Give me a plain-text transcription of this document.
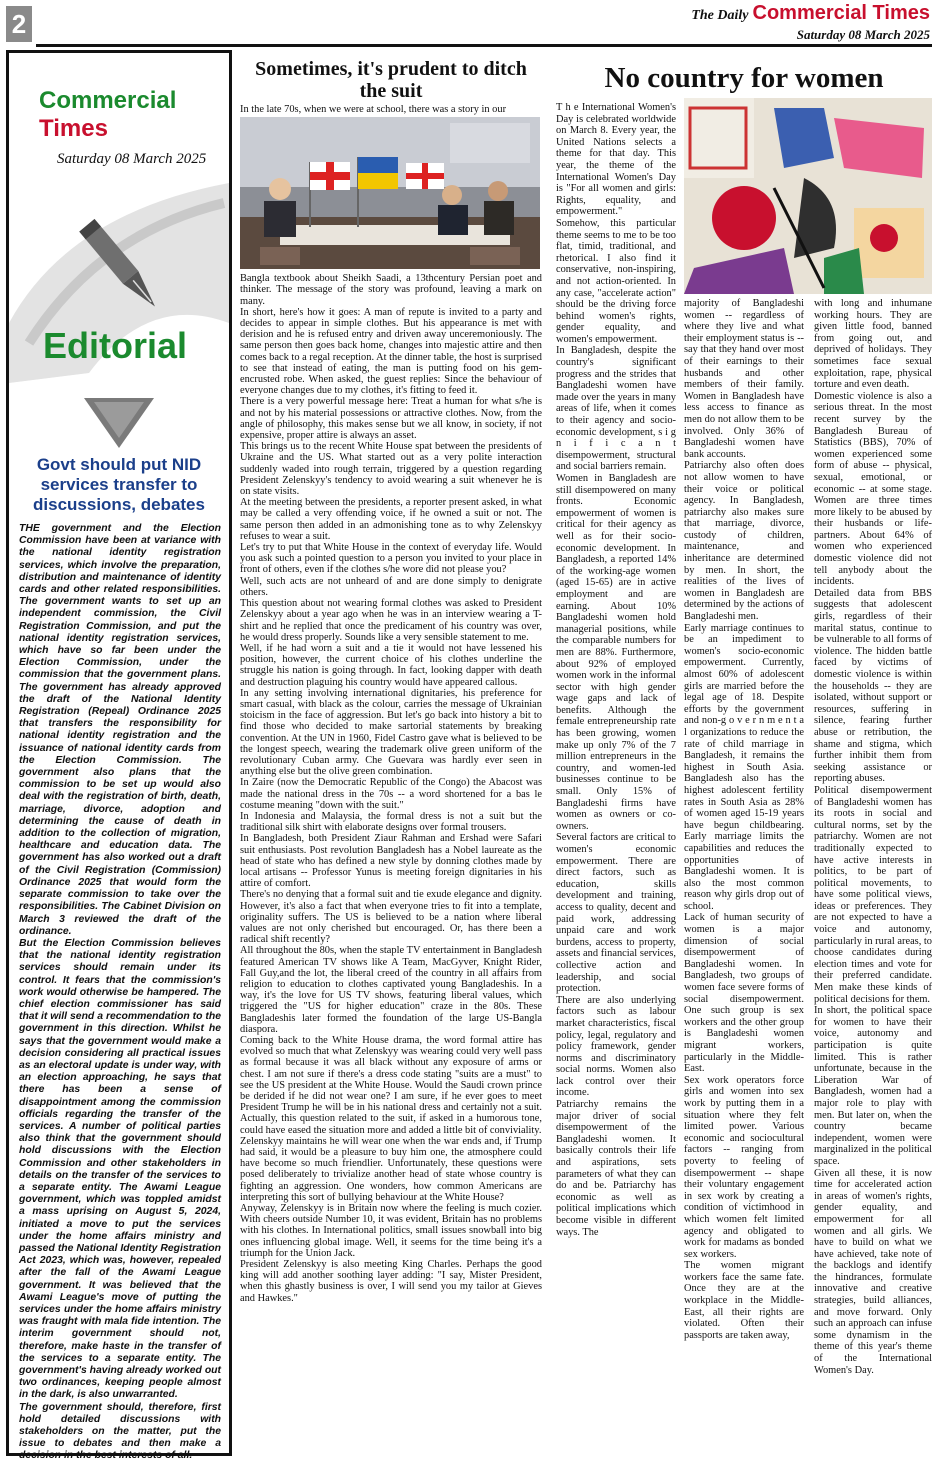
2	The Daily Commercial Times
Saturday 08 March 2025
Commercial Times
Saturday 08 March 2025
Editorial
Govt should put NID services transfer to discussions, debates

THE government and the Election Commission have been at variance with the national identity registration services, which involve the preparation, distribution and maintenance of identity cards and other related responsibilities. The government wants to set up an independent commission, the Civil Registration Commission, and put the national identity registration services, which have so far been under the Election Commission, under the commission that the government plans. The government has already approved the draft of the National Identity Registration (Repeal) Ordinance 2025 that transfers the responsibility for national identity registration and the issuance of national identity cards from the Election Commission. The government also plans that the commission to be set up would also deal with the registration of birth, death, marriage, divorce, adoption and determining the cause of death in addition to the collection of migration, healthcare and education data. The government has also worked out a draft of the Civil Registration (Commission) Ordinance 2025 that would form the separate commission to take over the responsibilities. The Cabinet Division on March 3 reviewed the draft of the ordinance.

But the Election Commission believes that the national identity registration services should remain under its control. It fears that the commission's work would otherwise be hampered. The chief election commissioner has said that it will send a recommendation to the government in this direction. Whilst he says that the government would make a decision considering all practical issues as an electoral update is under way, with an election approaching, he says that there has been a sense of disappointment among the commission officials regarding the transfer of the services. A number of political parties also think that the government should hold discussions with the Election Commission and other stakeholders in details on the transfer of the services to a separate entity. The Awami League government, which was toppled amidst a mass uprising on August 5, 2024, initiated a move to put the services under the home affairs ministry and passed the National Identity Registration Act 2023, which was, however, repealed after the fall of the Awami League government. It was believed that the Awami League's move of putting the services under the home affairs ministry was fraught with mala fide intention. The interim government should not, therefore, make haste in the transfer of the services to a separate entity. The government's having already worked out two ordinances, keeping people almost in the dark, is also unwarranted.

The government should, therefore, first hold detailed discussions with stakeholders on the matter, put the issue to debates and then make a decision in the best interests of all.

Sometimes, it's prudent to ditch the suit

In the late 70s, when we were at school, there was a story in our

Bangla textbook about Sheikh Saadi, a 13thcentury Persian poet and thinker. The message of the story was profound, leaving a mark on many.

In short, here's how it goes: A man of repute is invited to a party and decides to appear in simple clothes. But his appearance is met with derision and he is refused entry and driven away unceremoniously. The same person then goes back home, changes into majestic attire and then comes back to a regal reception. At the dinner table, the host is surprised to see that instead of eating, the man is putting food on his gem-encrusted robe. When asked, the guest replies: Since the behaviour of everyone changes due to my clothes, it's fitting to feed it.

There is a very powerful message here: Treat a human for what s/he is and not by his material possessions or attractive clothes. Now, from the angle of philosophy, this makes sense but we all know, in society, if not expensive, proper attire is always an asset.

This brings us to the recent White House spat between the presidents of Ukraine and the US. What started out as a very polite interaction suddenly waded into rough terrain, triggered by a question regarding President Zelenskyy's tendency to avoid wearing a suit whenever he is on state visits.

At the meeting between the presidents, a reporter present asked, in what may be called a very offending voice, if he owned a suit or not. The same person then added in an admonishing tone as to why Zelenskyy refuses to wear a suit.

Let's try to put that White House in the context of everyday life. Would you ask such a pointed question to a person you invited to your place in front of others, even if the clothes s/he wore did not please you?

Well, such acts are not unheard of and are done simply to denigrate others.

This question about not wearing formal clothes was asked to President Zelenskyy about a year ago when he was in an interview wearing a T-shirt and he replied that once the predicament of his country was over, he would dress properly. Sounds like a very sensible statement to me.

Well, if he had worn a suit and a tie it would not have lessened his position, however, the current choice of his clothes underline the struggle his nation is going through. In fact, looking dapper with death and destruction plaguing his country would have appeared callous.

In any setting involving international dignitaries, his preference for smart casual, with black as the colour, carries the message of Ukrainian stoicism in the face of aggression. But let's go back into history a bit to find those who decided to make sartorial statements by breaking convention. At the UN in 1960, Fidel Castro gave what is believed to be the longest speech, wearing the trademark olive green uniform of the revolutionary Cuban army. Che Guevara was hardly ever seen in anything else but the olive green combination.

In Zaire (now the Democratic Republic of the Congo) the Abacost was made the national dress in the 70s -- a word shortened for a bas le costume meaning "down with the suit."

In Indonesia and Malaysia, the formal dress is not a suit but the traditional silk shirt with elaborate designs over formal trousers.

In Bangladesh, both President Ziaur Rahman and Ershad were Safari suit enthusiasts. Post revolution Bangladesh has a Nobel laureate as the head of state who has defined a new style by donning clothes made by local artisans -- Professor Yunus is meeting foreign dignitaries in his attire of comfort.

There's no denying that a formal suit and tie exude elegance and dignity. However, it's also a fact that when everyone tries to fit into a template, originality suffers. The US is believed to be a nation where liberal values are not only cherished but encouraged. Or, has there been a radical shift recently?

All throughout the 80s, when the staple TV entertainment in Bangladesh featured American TV shows like A Team, MacGyver, Knight Rider, Fall Guy,and the lot, the liberal creed of the country in all affairs from religion to education to clothes captivated young Bangladeshis. In a way, it's the love for US TV shows, featuring liberal values, which triggered the "US for higher education" craze in the 80s. These Bangladeshis later formed the foundation of the large US-Bangla diaspora.

Coming back to the White House drama, the word formal attire has evolved so much that what Zelenskyy was wearing could very well pass as formal because it was all black without any exposure of arms or chest. I am not sure if there's a dress code stating "suits are a must" to see the US president at the White House. Would the Saudi crown prince be derided if he did not wear one? I am sure, if he ever goes to meet President Trump he will be in his national dress and certainly not a suit. Actually, this question related to the suit, if asked in a humorous tone, could have eased the situation more and added a little bit of conviviality.

Zelenskyy maintains he will wear one when the war ends and, if Trump had said, it would be a pleasure to buy him one, the atmosphere could have become so much friendlier. Unfortunately, these questions were posed deliberately to trivialize another head of state whose country is fighting an aggression. One wonders, how common Americans are interpreting this sort of bullying behaviour at the White House?

Anyway, Zelenskyy is in Britain now where the feeling is much cozier. With cheers outside Number 10, it was evident, Britain has no problems with his clothes. In International politics, small issues snowball into big ones influencing global image. Well, it seems for the time being it's a triumph for the Union Jack.

President Zelenskyy is also meeting King Charles. Perhaps the good king will add another soothing layer adding: "I say, Mister President, when this ghastly business is over, I will send you my tailor at Gieves and Hawkes."

No country for women

T h e International Women's Day is celebrated worldwide on March 8. Every year, the United Nations selects a theme for that day. This year, the theme of the International Women's Day is "For all women and girls: Rights, equality, and empowerment."

Somehow, this particular theme seems to me to be too flat, timid, traditional, and rhetorical. I also find it conservative, non-inspiring, and not action-oriented. In any case, "accelerate action" should be the driving force behind women's rights, gender equality, and women's empowerment.

In Bangladesh, despite the country's significant progress and the strides that Bangladeshi women have made over the years in many areas of life, when it comes to their agency and socio-economic development, s i g n i f i c a n t disempowerment, structural and social barriers remain.

Women in Bangladesh are still disempowered on many fronts. Economic empowerment of women is critical for their agency as well as for their socio-economic development. In Bangladesh, a reported 14% of the working-age women (aged 15-65) are in active employment and are earning. About 10% Bangladeshi women hold managerial positions, while the comparable numbers for men are 88%. Furthermore, about 92% of employed women work in the informal sector with high gender wage gaps and lack of benefits. Although the female entrepreneurship rate has been growing, women make up only 7% of the 7 million entrepreneurs in the country, and women-led businesses continue to be small. Only 15% of Bangladeshi firms have women as owners or co-owners.

Several factors are critical to women's economic empowerment. There are direct factors, such as education, skills development and training, access to quality, decent and paid work, addressing unpaid care and work burdens, access to property, assets and financial services, collective action and leadership, and social protection.

There are also underlying factors such as labour market characteristics, fiscal policy, legal, regulatory and policy framework, gender norms and discriminatory social norms. Women also lack control over their income.

Patriarchy remains the major driver of social disempowerment of the Bangladeshi women. It basically controls their life and aspirations, sets parameters of what they can do and be. Patriarchy has economic as well as political implications which become visible in different ways. The

majority of Bangladeshi women -- regardless of where they live and what their employment status is -- say that they hand over most of their earnings to their husbands and other members of their family. Women in Bangladesh have less access to finance as men do not allow them to be involved. Only 36% of Bangladeshi women have bank accounts.

Patriarchy also often does not allow women to have their voice or political agency. In Bangladesh, patriarchy also makes sure that marriage, divorce, custody of children, maintenance, and inheritance are determined by men. In short, the realities of the lives of women in Bangladesh are determined by the actions of Bangladeshi men.

Early marriage continues to be an impediment to women's socio-economic empowerment. Currently, almost 60% of adolescent girls are married before the legal age of 18. Despite efforts by the government and non-g o v e r n m e n t a l organizations to reduce the rate of child marriage in Bangladesh, it remains the highest in South Asia. Bangladesh also has the highest adolescent fertility rates in South Asia as 28% of women aged 15-19 years have begun childbearing. Early marriage limits the capabilities and reduces the opportunities of Bangladeshi women. It is also the most common reason why girls drop out of school.

Lack of human security of women is a major dimension of social disempowerment of Bangladeshi women. In Bangladesh, two groups of women face severe forms of social disempowerment. One such group is sex workers and the other group is Bangladeshi women migrant workers, particularly in the Middle-East.

Sex work operators force girls and women into sex work by putting them in a situation where they felt limited power. Various economic and sociocultural factors -- ranging from poverty to feeling of disempowerment -- shape their voluntary engagement in sex work by creating a condition of victimhood in which women felt limited agency and obligated to work for madams as bonded sex workers.

The women migrant workers face the same fate. Once they are at the workplace in the Middle-East, all their rights are violated. Often their passports are taken away,

with long and inhumane working hours. They are given little food, banned from going out, and deprived of holidays. They sometimes face sexual exploitation, rape, physical torture and even death.

Domestic violence is also a serious threat. In the most recent survey by the Bangladesh Bureau of Statistics (BBS), 70% of women experienced some form of abuse -- physical, sexual, emotional, or economic -- at some stage. Women are three times more likely to be abused by their husbands or life-partners. About 64% of women who experienced domestic violence did not tell anybody about the incidents.

Detailed data from BBS suggests that adolescent girls, regardless of their marital status, continue to be vulnerable to all forms of violence. The hidden battle faced by victims of domestic violence is within the households -- they are isolated, without support or resources, suffering in silence, fearing further abuse or retribution, the shame and stigma, which further inhibit them from seeking assistance or reporting abuses.

Political disempowerment of Bangladeshi women has its roots in social and cultural norms, set by the patriarchy. Women are not traditionally expected to have active interests in politics, to be part of political movements, to have some political views, ideas or preferences. They are not expected to have a voice and autonomy, particularly in rural areas, to choose candidates during election times and vote for their preferred candidate. Men make these kinds of political decisions for them.

In short, the political space for women to have their voice, autonomy and participation is quite limited. This is rather unfortunate, because in the Liberation War of Bangladesh, women had a major role to play with men. But later on, when the country became independent, women were marginalized in the political space.

Given all these, it is now time for accelerated action in areas of women's rights, gender equality, and empowerment for all women and all girls. We have to build on what we have achieved, take note of the backlogs and identify the hindrances, formulate innovative and creative strategies, build alliances, and move forward. Only such an approach can infuse some dynamism in the theme of this year's theme of the International Women's Day.
